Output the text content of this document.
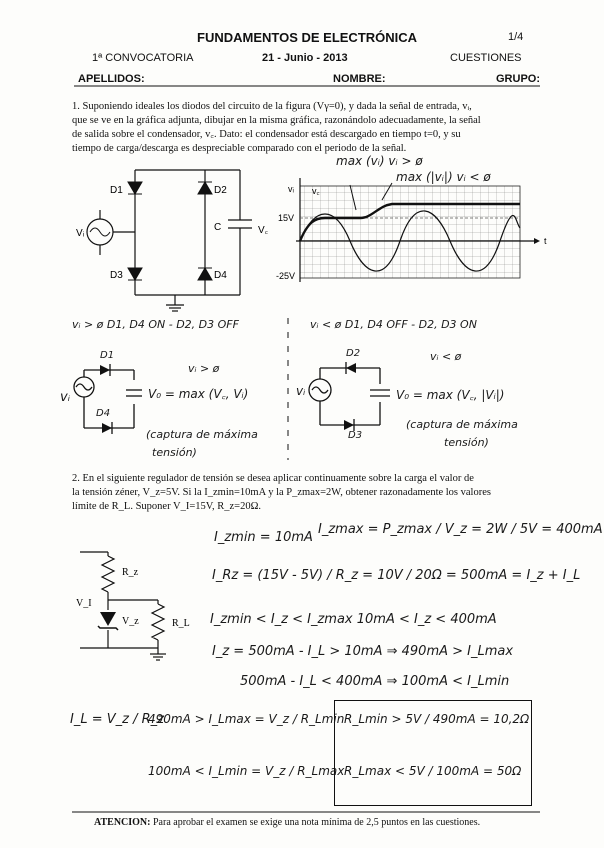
FUNDAMENTOS DE ELECTRÓNICA	1/4
1ª CONVOCATORIA	21 - Junio - 2013	CUESTIONES
APELLIDOS:	NOMBRE:	GRUPO:
1. Suponiendo ideales los diodos del circuito de la figura (Vγ=0), y dada la señal de entrada, vᵢ,
que se ve en la gráfica adjunta, dibujar en la misma gráfica, razonándolo adecuadamente, la señal
de salida sobre el condensador, v꜀. Dato: el condensador está descargado en tiempo t=0, y su
tiempo de carga/descarga es despreciable comparado con el periodo de la señal.
D1	D2
D3	D4
C	V꜀
Vᵢ
vᵢ v꜀
t
15V
-25V
max (vᵢ) vᵢ > ø
max (|vᵢ|) vᵢ < ø
vᵢ > ø D1, D4 ON - D2, D3 OFF	vᵢ < ø D1, D4 OFF - D2, D3 ON
D1
D4
vᵢ > ø
vᵢ	V₀ = max (V꜀, Vᵢ)
(captura de máxima
tensión)
D2
D3
vᵢ < ø
vᵢ	V₀ = max (V꜀, |Vᵢ|)
(captura de máxima
tensión)
2. En el siguiente regulador de tensión se desea aplicar continuamente sobre la carga el valor de
la tensión zéner, V_z=5V. Si la I_zmin=10mA y la P_zmax=2W, obtener razonadamente los valores
límite de R_L. Suponer V_I=15V, R_z=20Ω.
R_z
V_I
V_z	R_L
I_zmin = 10mA
I_zmax = P_zmax / V_z = 2W / 5V = 400mA
I_Rz = (15V - 5V) / R_z = 10V / 20Ω = 500mA = I_z + I_L
I_zmin < I_z < I_zmax 10mA < I_z < 400mA
I_z = 500mA - I_L > 10mA ⇒ 490mA > I_Lmax
500mA - I_L < 400mA ⇒ 100mA < I_Lmin
I_L = V_z / R_z
490mA > I_Lmax = V_z / R_Lmin
100mA < I_Lmin = V_z / R_Lmax
R_Lmin > 5V / 490mA = 10,2Ω
R_Lmax < 5V / 100mA = 50Ω
ATENCION: Para aprobar el examen se exige una nota mínima de 2,5 puntos en las cuestiones.
